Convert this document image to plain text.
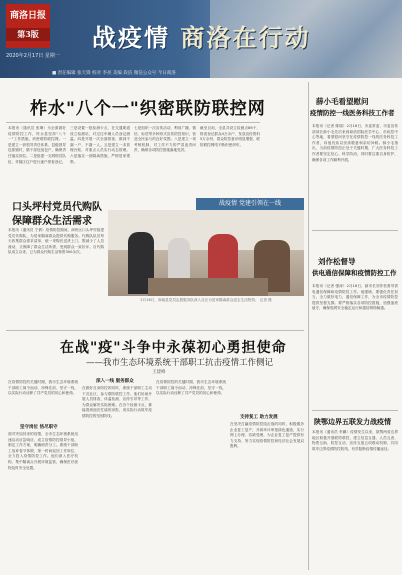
商洛日报
第3版
2020年2月17日 星期一
■ 责任编辑 张天锋 校对 李亮 美编 段洁 微信公众号 今日商洛
战疫情 商洛在行动
柞水"八个一"织密联防联控网
本报讯（通讯员 张琳）为全面做好疫情防控工作，柞水县坚持"八个一"工作措施，织密联防联控网。一是建立一套领导责任体系，县级领导包抓镇村，镇干部包组包户，确保责任落实到位。二是组建一支网格员队伍，对辖区住户进行逐户排查登记。
三是设置一批检测卡点，在交通要道设立检测站，对过往车辆人员登记测温。四是开展一次全面排查，做到不漏一户、不漏一人。五是建立一本管理台账，对重点人员实行动态管理。六是落实一套隔离措施，严格居家观察。
七是组织一次宣传活动，利用广播、微信、标语等多种形式宣传防控知识，营造全民参与的良好氛围。八是建立一项考核机制，对工作不力的严肃追责问责，确保各项防控措施落地见效。
截至目前，全县共设立检测点86个，排查登记群众4万余户，发放宣传资料5万余份，群众防控意识明显增强，联防联控网络不断织密织牢。
口头坪村党员代购队
保障群众生活需求
本报讯（通讯员 宁倩）疫情防控期间，商州区口头坪村组建党员代购队，为居家隔离群众提供代购服务。代购队队员每天收集群众需求清单，统一采购后送货上门，既减少了人员流动，又保障了群众生活所需，受到群众一致好评。自代购队成立以来，已为群众代购生活物资300余次。
战疫情 党建引领在一线
2月16日，商南县党员志愿服务队深入社区为居家隔离群众送去生活物资。 记者 摄
在战"疫"斗争中永葆初心勇担使命
——我市生态环境系统干部职工抗击疫情工作侧记
王建峰
在疫情防控的关键时期，我市生态环境系统干部职工闻令而动、冲锋在前，坚守一线，以实际行动诠释了共产党员的初心和使命。
坚守岗位 恪尽职守
面对突如其来的疫情，全市生态环境系统迅速启动应急响应，成立疫情防控领导小组，制定工作方案，明确职责分工。系统干部职工放弃春节休假，第一时间返回工作岗位，全力投入疫情防控工作。他们深入医疗机构、集中隔离点开展环境监管，确保医疗废物及时安全处置。
深入一线 服务群众
在做好自身防控的同时，系统干部职工主动下沉社区，参与联防联控工作。他们协助开展人员排查、体温检测、宣传引导等工作，为群众解决实际困难。在各个检测卡点，都能看到他们忙碌的身影，用实际行动筑牢疫情防控的坚固防线。
在疫情防控的关键时期，我市生态环境系统干部职工闻令而动、冲锋在前，坚守一线，以实际行动诠释了共产党员的初心和使命。
支持复工 助力发展
在坚决打赢疫情防控阻击战的同时，积极服务企业复工复产，开辟环评审批绿色通道，实行网上办理、容缺受理，为企业复工复产提供有力支持，努力实现疫情防控和经济社会发展双胜利。
薛小毛看望慰问
疫情防控一线医务科技工作者
本报讯（记者 陈瑞）2月16日，市委常委、市委宣传部部长薛小毛先后来到商洛国际医学中心、市疾控中心等地，看望慰问坚守在疫情防控一线的医务科技工作者，向他们致以崇高敬意和亲切问候。薛小毛指出，当前疫情防控正处于关键时期，广大医务科技工作者要坚定信心、科学防治，同时要注重自身防护，确保各项工作顺利开展。
刘作松督导
供电通信保障和疫情防控工作
本报讯（记者 强涛）2月16日，副市长刘作松督导供电通信保障和疫情防控工作。他强调，要强化责任担当，全力做好电力、通信保障工作，为全市疫情防控提供坚强支撑。要严格落实各项防控措施，加强值班值守，确保电网安全稳定运行和通信网络畅通。
陕鄂边界五联发力战疫情
本报讯（通讯员 李鹏）疫情发生以来，陕鄂两省边界地区积极开展联防联控，建立信息互通、人员互查、物资互助、防控互动、宣传互促五项联动机制，共同筑牢边界疫情防控防线，有效阻断疫情传播途径。
